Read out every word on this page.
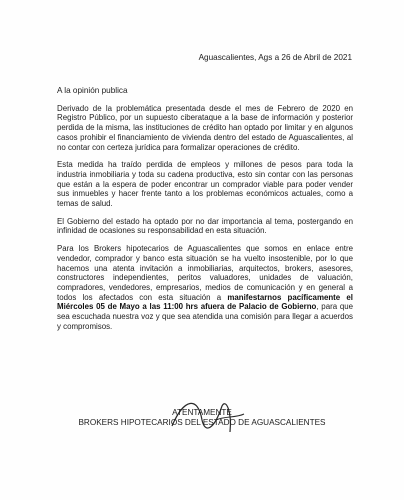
Aguascalientes, Ags a 26 de Abril de 2021
A la opinión publica

Derivado de la problemática presentada desde el mes de Febrero de 2020 en Registro Público, por un supuesto ciberataque a la base de información y posterior perdida de la misma, las instituciones de crédito han optado por limitar y en algunos casos prohibir el financiamiento de vivienda dentro del estado de Aguascalientes, al no contar con certeza jurídica para formalizar operaciones de crédito.

Esta medida ha traído perdida de empleos y millones de pesos para toda la industria inmobiliaria y toda su cadena productiva, esto sin contar con las personas que están a la espera de poder encontrar un comprador viable para poder vender sus inmuebles y hacer frente tanto a los problemas económicos actuales, como a temas de salud.

El Gobierno del estado ha optado por no dar importancia al tema, postergando en infinidad de ocasiones su responsabilidad en esta situación.

Para los Brokers hipotecarios de Aguascalientes que somos en enlace entre vendedor, comprador y banco esta situación se ha vuelto insostenible, por lo que hacemos una atenta invitación a inmobiliarias, arquitectos, brokers, asesores, constructores independientes, peritos valuadores, unidades de valuación, compradores, vendedores, empresarios, medios de comunicación y en general a todos los afectados con esta situación a manifestarnos pacíficamente el Miércoles 05 de Mayo a las 11:00 hrs afuera de Palacio de Gobierno, para que sea escuchada nuestra voz y que sea atendida una comisión para llegar a acuerdos y compromisos.

ATENTAMENTE
BROKERS HIPOTECARIOS DEL ESTADO DE AGUASCALIENTES
